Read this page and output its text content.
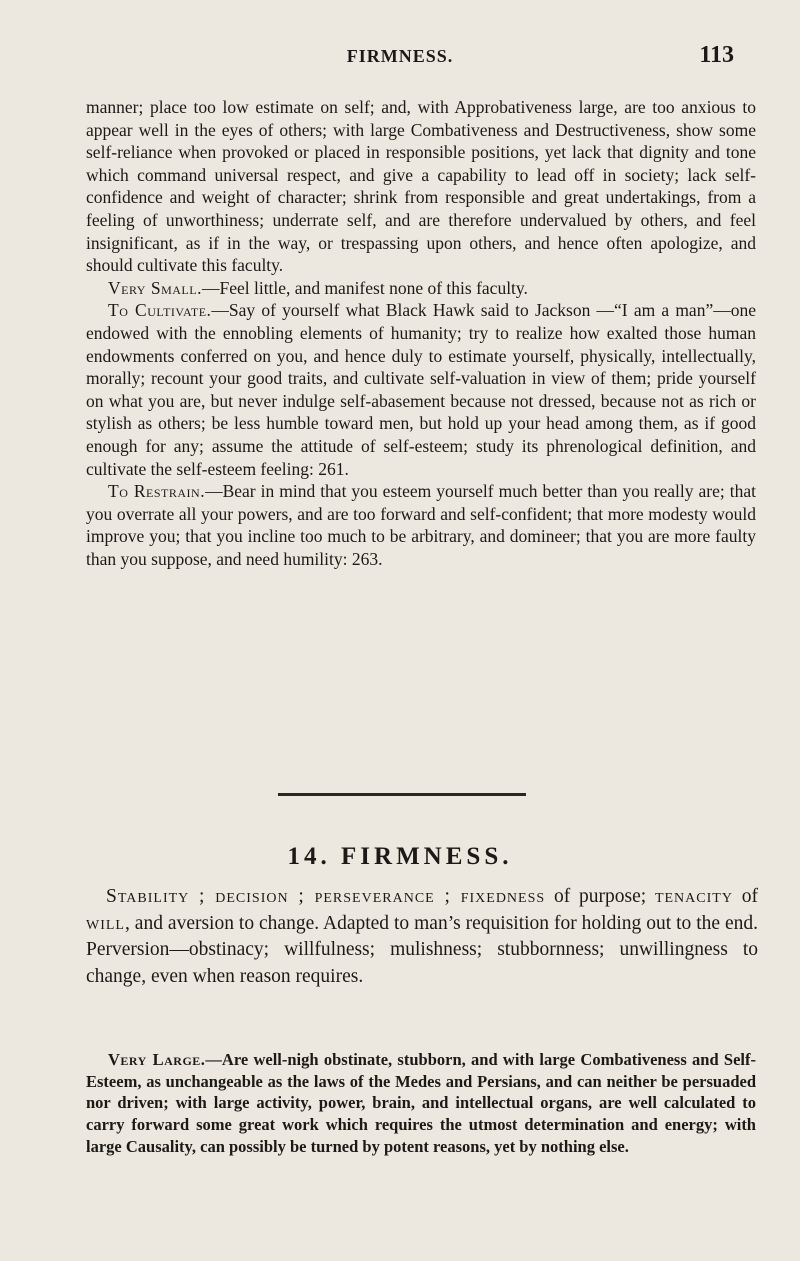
FIRMNESS.	113

manner; place too low estimate on self; and, with Approbativeness large, are too anxious to appear well in the eyes of others; with large Combativeness and Destructiveness, show some self-reliance when provoked or placed in responsible positions, yet lack that dignity and tone which command universal respect, and give a capability to lead off in society; lack self-confidence and weight of character; shrink from responsible and great undertakings, from a feeling of unworthiness; underrate self, and are therefore undervalued by others, and feel insignificant, as if in the way, or trespassing upon others, and hence often apologize, and should cultivate this faculty.

Very Small.—Feel little, and manifest none of this faculty.

To Cultivate.—Say of yourself what Black Hawk said to Jackson —“I am a man”—one endowed with the ennobling elements of humanity; try to realize how exalted those human endowments conferred on you, and hence duly to estimate yourself, physically, intellectually, morally; recount your good traits, and cultivate self-valuation in view of them; pride yourself on what you are, but never indulge self-abasement because not dressed, because not as rich or stylish as others; be less humble toward men, but hold up your head among them, as if good enough for any; assume the attitude of self-esteem; study its phrenological definition, and cultivate the self-esteem feeling: 261.

To Restrain.—Bear in mind that you esteem yourself much better than you really are; that you overrate all your powers, and are too forward and self-confident; that more modesty would improve you; that you incline too much to be arbitrary, and domineer; that you are more faulty than you suppose, and need humility: 263.

14. FIRMNESS.
Stability ; decision ; perseverance ; fixedness of purpose; tenacity of will, and aversion to change. Adapted to man’s requisition for holding out to the end. Perversion—obstinacy; willfulness; mulishness; stubbornness; unwillingness to change, even when reason requires.
Very Large.—Are well-nigh obstinate, stubborn, and with large Combativeness and Self-Esteem, as unchangeable as the laws of the Medes and Persians, and can neither be persuaded nor driven; with large activity, power, brain, and intellectual organs, are well calculated to carry forward some great work which requires the utmost determination and energy; with large Causality, can possibly be turned by potent reasons, yet by nothing else.
